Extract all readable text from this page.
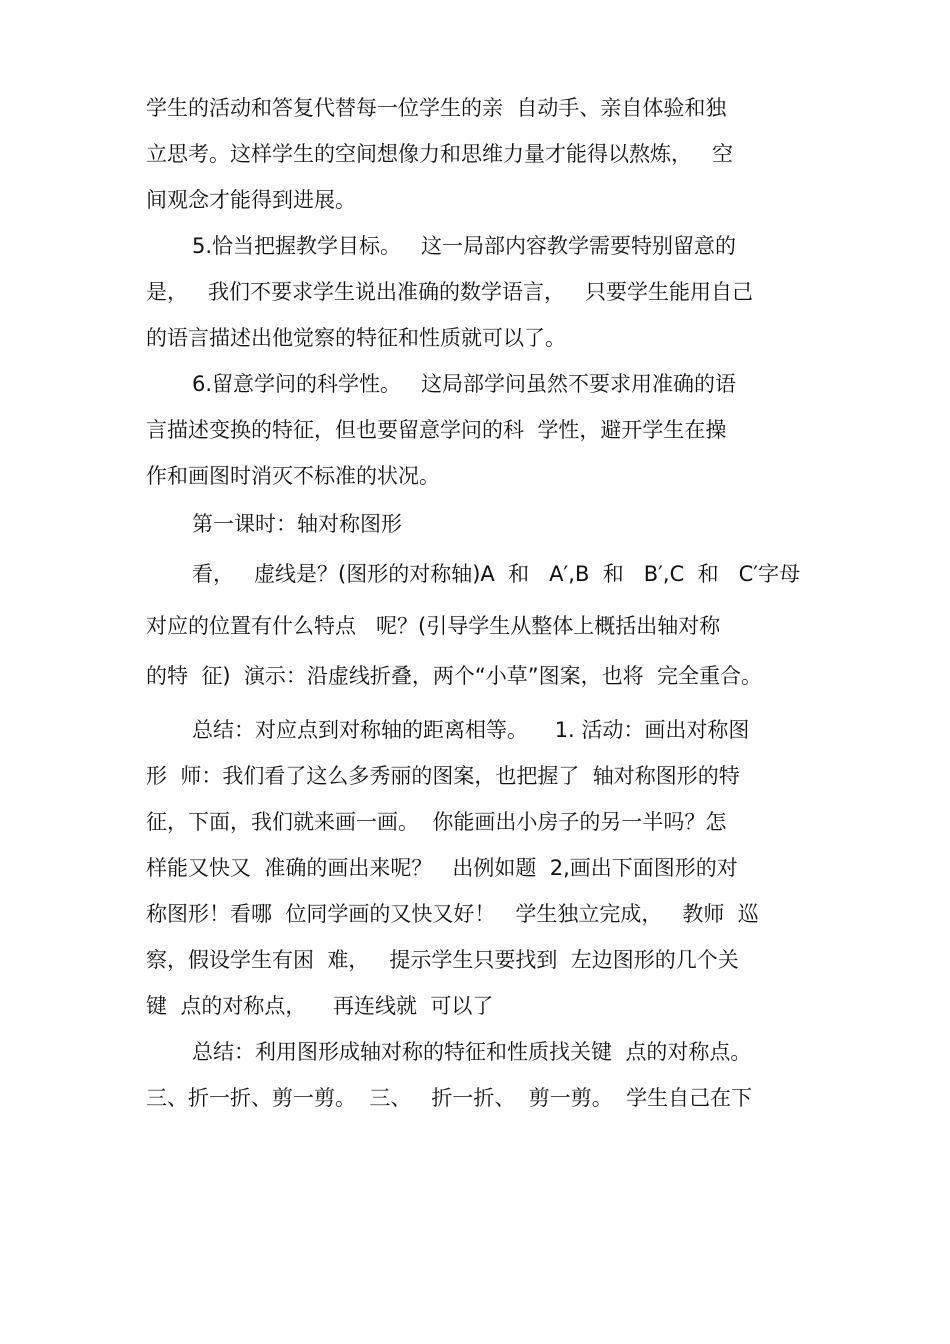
学生的活动和答复代替每一位学生的亲  自动手、亲自体验和独

立思考。这样学生的空间想像力和思维力量才能得以熬炼，   空

间观念才能得到进展。

5.恰当把握教学目标。   这一局部内容教学需要特别留意的

是，   我们不要求学生说出准确的数学语言，   只要学生能用自己

的语言描述出他觉察的特征和性质就可以了。

6.留意学问的科学性。   这局部学问虽然不要求用准确的语

言描述变换的特征，但也要留意学问的科  学性，避开学生在操

作和画图时消灭不标准的状况。

第一课时：轴对称图形

看，   虚线是？(图形的对称轴)A  和   A′,B  和   B′,C  和   C′字母

对应的位置有什么特点   呢？(引导学生从整体上概括出轴对称

的特  征)  演示：沿虚线折叠，两个“小草”图案，也将  完全重合。

总结：对应点到对称轴的距离相等。    1. 活动：画出对称图

形  师：我们看了这么多秀丽的图案，也把握了  轴对称图形的特

征，下面，我们就来画一画。  你能画出小房子的另一半吗？怎

样能又快又  准确的画出来呢？   出例如题  2,画出下面图形的对

称图形！看哪  位同学画的又快又好！   学生独立完成，   教师  巡

察，假设学生有困  难，   提示学生只要找到  左边图形的几个关

键  点的对称点，    再连线就  可以了

总结：利用图形成轴对称的特征和性质找关键  点的对称点。

三、折一折、剪一剪。  三、   折一折、  剪一剪。  学生自己在下
